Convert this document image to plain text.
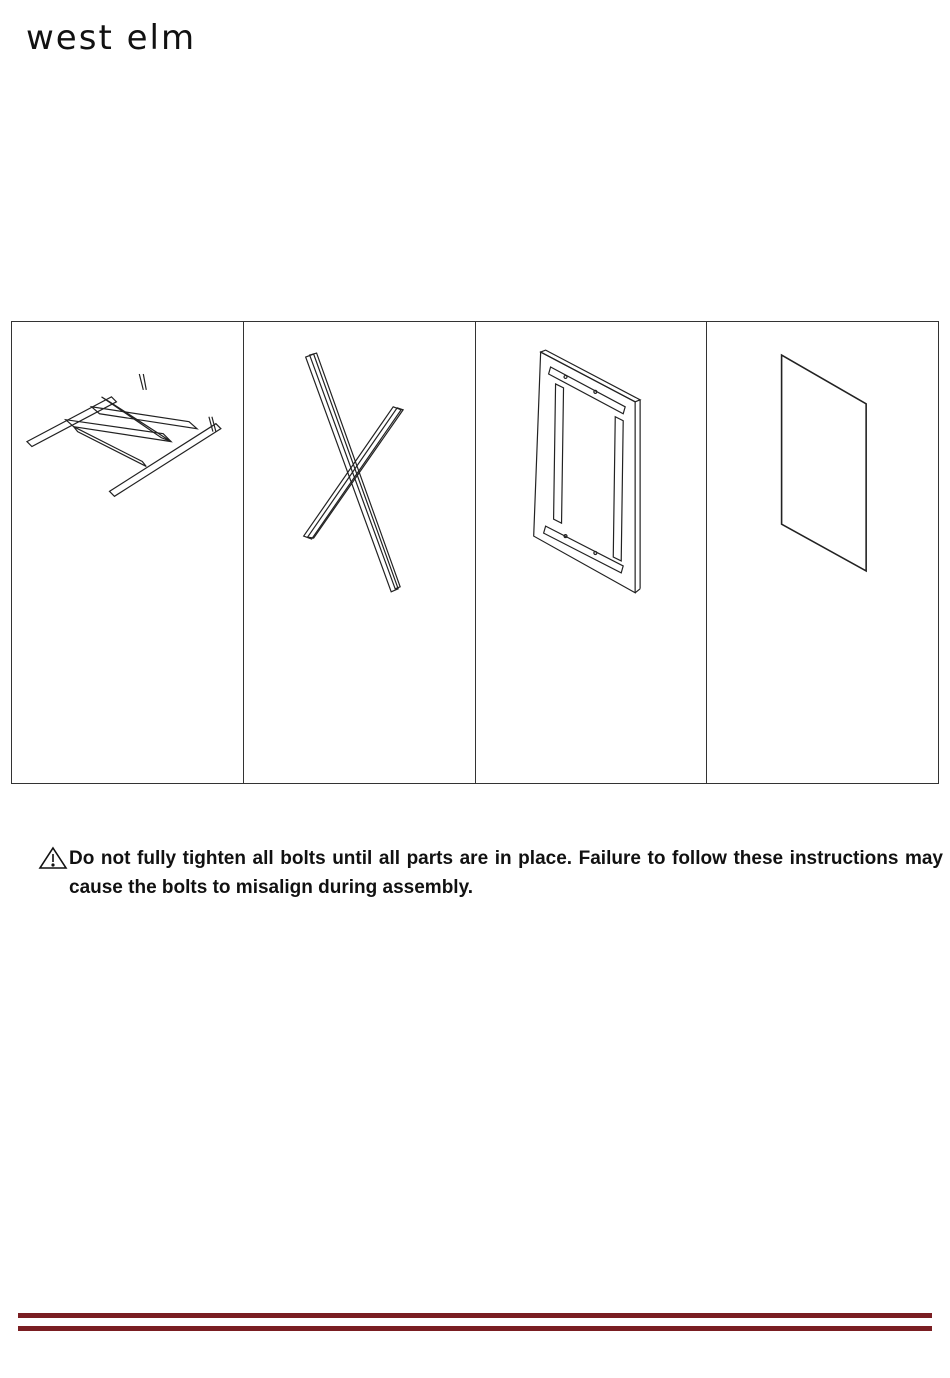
west elm
Do not fully tighten all bolts until all parts are in place. Failure to follow these instructions may cause the bolts to misalign during assembly.
